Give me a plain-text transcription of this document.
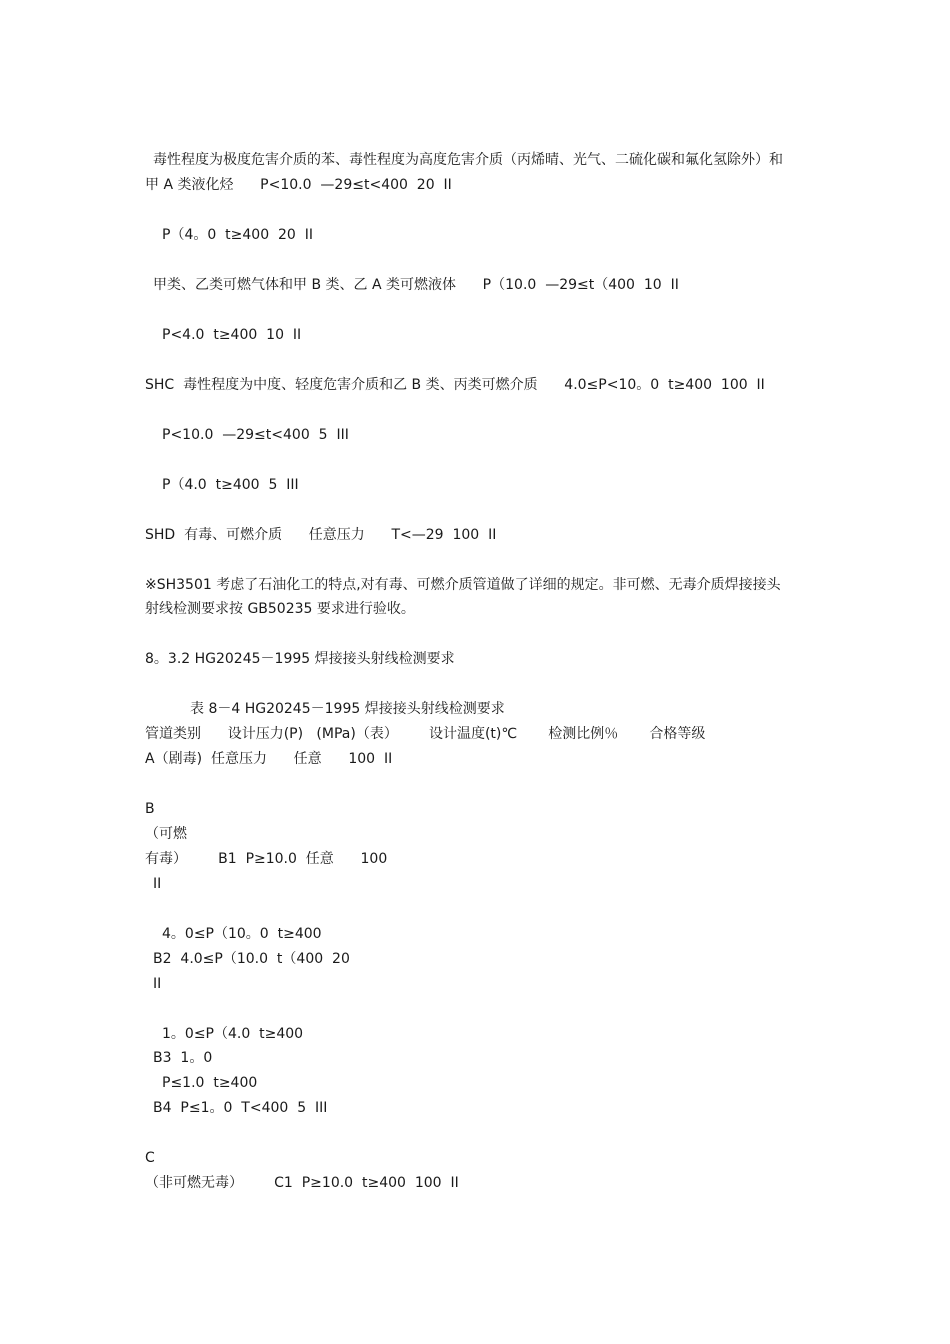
毒性程度为极度危害介质的苯、毒性程度为高度危害介质（丙烯晴、光气、二硫化碳和氟化氢除外）和
甲 A 类液化烃      P<10.0  —29≤t<400  20  II
P（4。0  t≥400  20  II
甲类、乙类可燃气体和甲 B 类、乙 A 类可燃液体      P（10.0  —29≤t（400  10  II
P<4.0  t≥400  10  II
SHC  毒性程度为中度、轻度危害介质和乙 B 类、丙类可燃介质      4.0≤P<10。0  t≥400  100  II
P<10.0  —29≤t<400  5  III
P（4.0  t≥400  5  III
SHD  有毒、可燃介质      任意压力      T<—29  100  II
※SH3501 考虑了石油化工的特点,对有毒、可燃介质管道做了详细的规定。非可燃、无毒介质焊接接头
射线检测要求按 GB50235 要求进行验收。
8。3.2 HG20245－1995 焊接接头射线检测要求
表 8－4 HG20245－1995 焊接接头射线检测要求
管道类别      设计压力(P)   (MPa)（表）       设计温度(t)℃       检测比例％       合格等级
A（剧毒)  任意压力      任意      100  II
B
（可燃
有毒）       B1  P≥10.0  任意      100
II
4。0≤P（10。0  t≥400
B2  4.0≤P（10.0  t（400  20
II
1。0≤P（4.0  t≥400
B3  1。0
P≤1.0  t≥400
B4  P≤1。0  T<400  5  III
C
（非可燃无毒）       C1  P≥10.0  t≥400  100  II
